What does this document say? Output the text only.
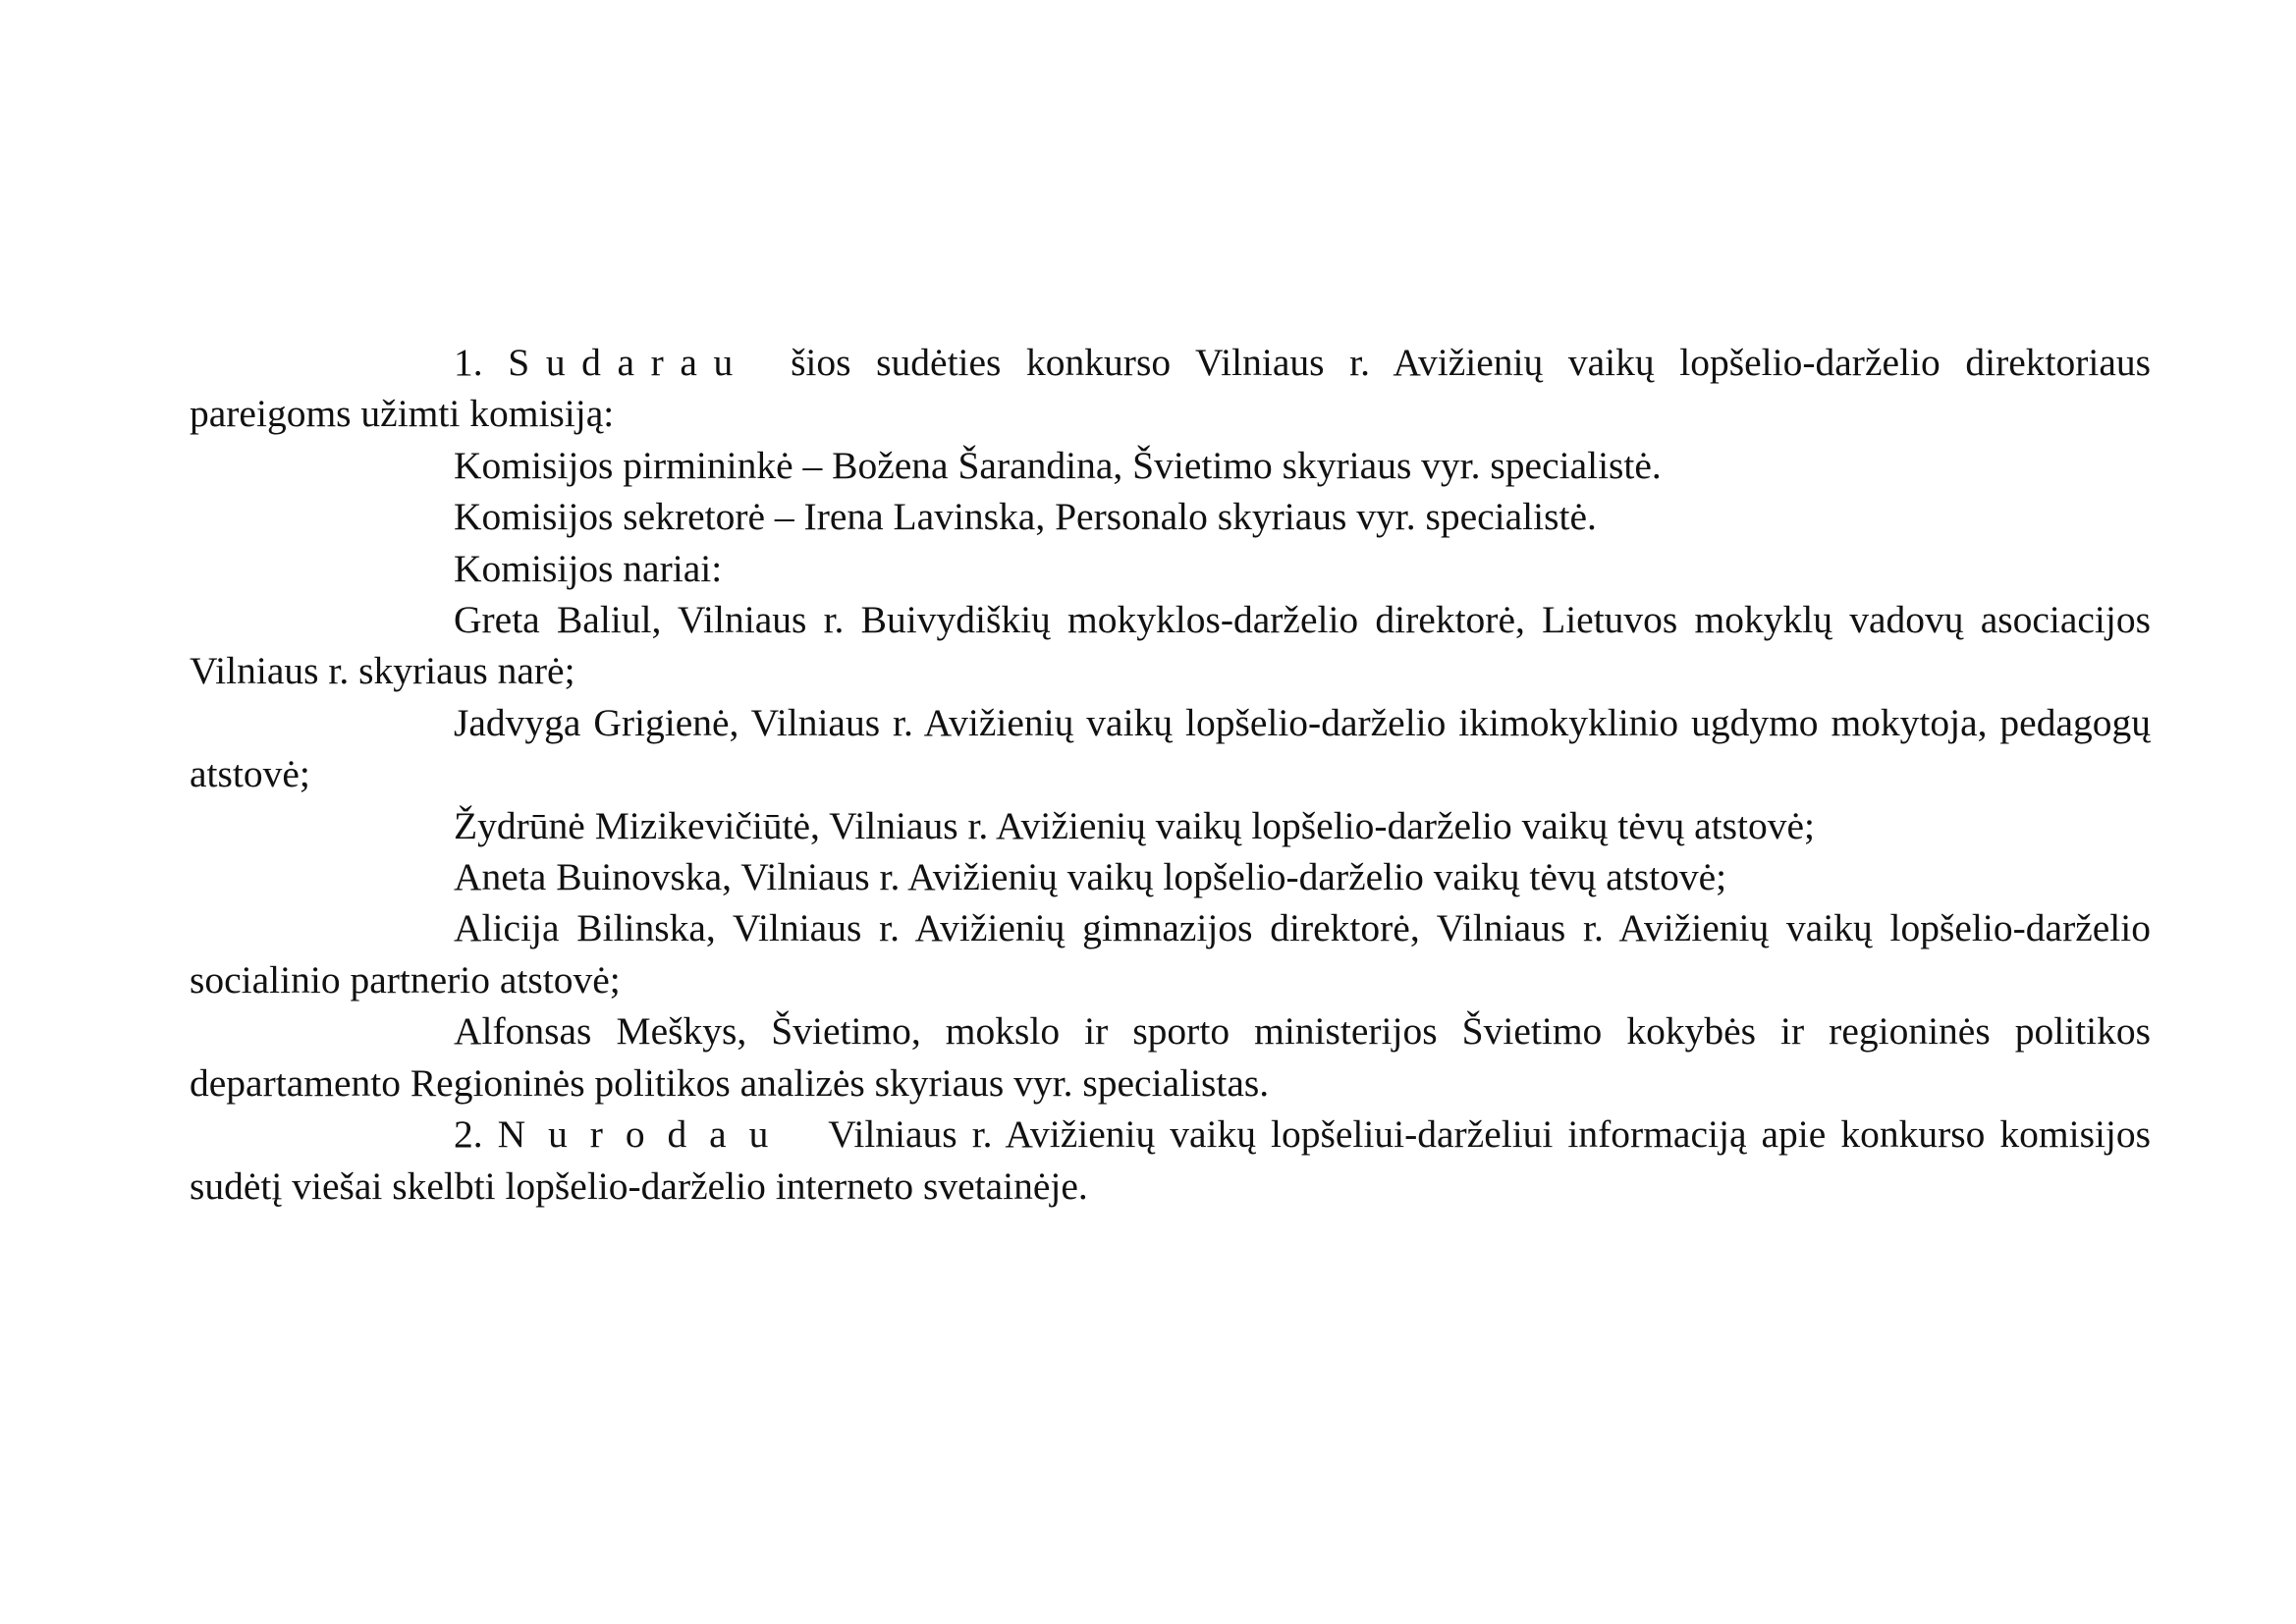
1. Sudarau šios sudėties konkurso Vilniaus r. Avižienių vaikų lopšelio-darželio direktoriaus pareigoms užimti komisiją:

Komisijos pirmininkė – Božena Šarandina, Švietimo skyriaus vyr. specialistė.

Komisijos sekretorė – Irena Lavinska, Personalo skyriaus vyr. specialistė.

Komisijos nariai:

Greta Baliul, Vilniaus r. Buivydiškių mokyklos-darželio direktorė, Lietuvos mokyklų vadovų asociacijos Vilniaus r. skyriaus narė;

Jadvyga Grigienė, Vilniaus r. Avižienių vaikų lopšelio-darželio ikimokyklinio ugdymo mokytoja, pedagogų atstovė;

Žydrūnė Mizikevičiūtė, Vilniaus r. Avižienių vaikų lopšelio-darželio vaikų tėvų atstovė;

Aneta Buinovska, Vilniaus r. Avižienių vaikų lopšelio-darželio vaikų tėvų atstovė;

Alicija Bilinska, Vilniaus r. Avižienių gimnazijos direktorė, Vilniaus r. Avižienių vaikų lopšelio-darželio socialinio partnerio atstovė;

Alfonsas Meškys, Švietimo, mokslo ir sporto ministerijos Švietimo kokybės ir regioninės politikos departamento Regioninės politikos analizės skyriaus vyr. specialistas.

2. Nurodau Vilniaus r. Avižienių vaikų lopšeliui-darželiui informaciją apie konkurso komisijos sudėtį viešai skelbti lopšelio-darželio interneto svetainėje.
